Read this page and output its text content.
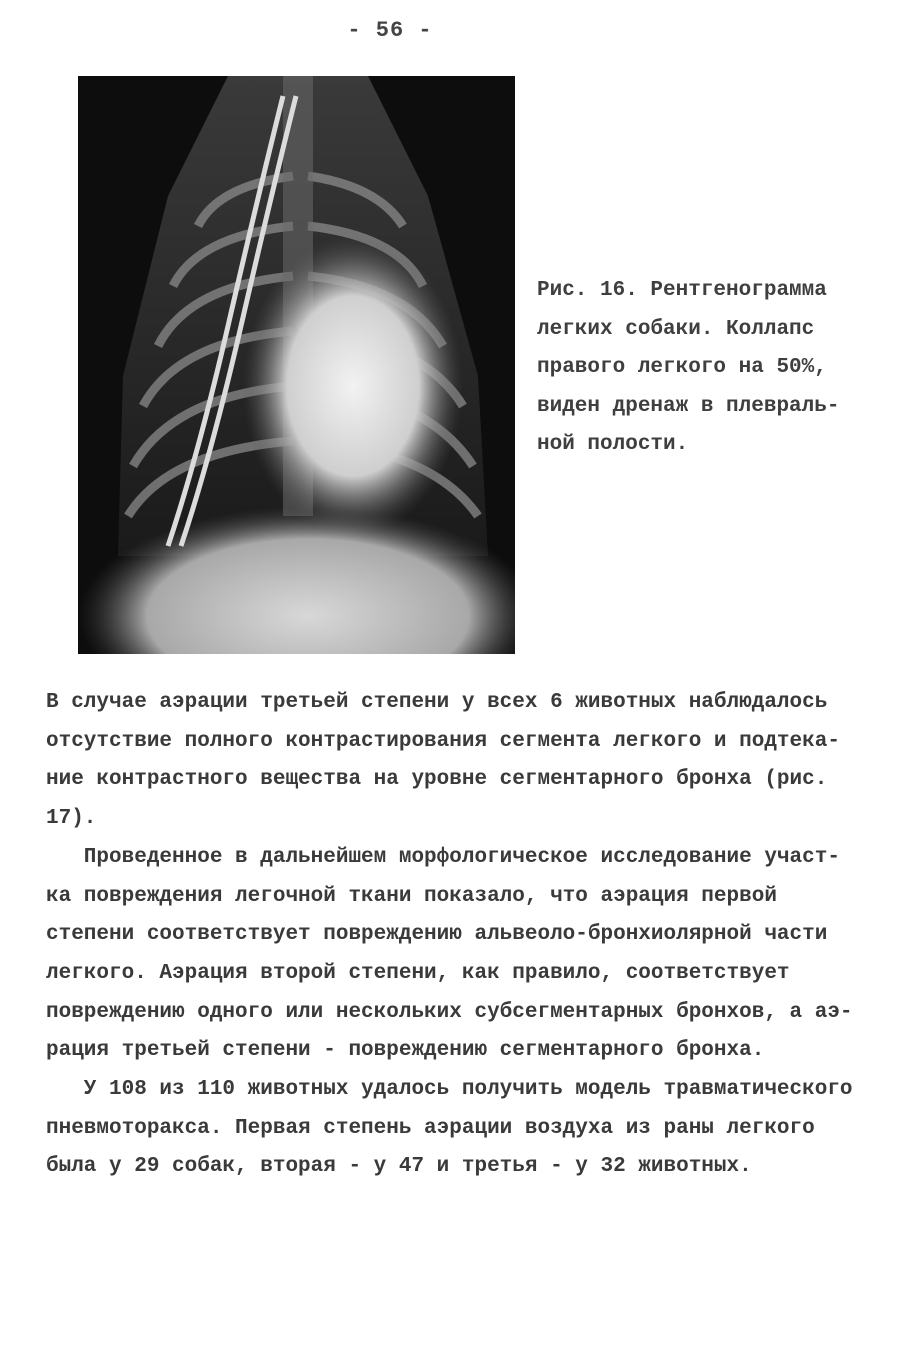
- 56 -
Рис. 16. Рентгенограмма
легких собаки. Коллапс
правого легкого на 50%,
виден дренаж в плевраль-
ной полости.
В случае аэрации третьей степени у всех 6 животных наблюдалось
отсутствие полного контрастирования сегмента легкого и подтека-
ние контрастного вещества на уровне сегментарного бронха (рис.
17).
Проведенное в дальнейшем морфологическое исследование участ-
ка повреждения легочной ткани показало, что аэрация первой
степени соответствует повреждению альвеоло-бронхиолярной части
легкого. Аэрация второй степени, как правило, соответствует
повреждению одного или нескольких субсегментарных бронхов, а аэ-
рация третьей степени - повреждению сегментарного бронха.
У 108 из 110 животных удалось получить модель травматического
пневмоторакса. Первая степень аэрации воздуха из раны легкого
была у 29 собак, вторая - у 47 и третья - у 32 животных.
